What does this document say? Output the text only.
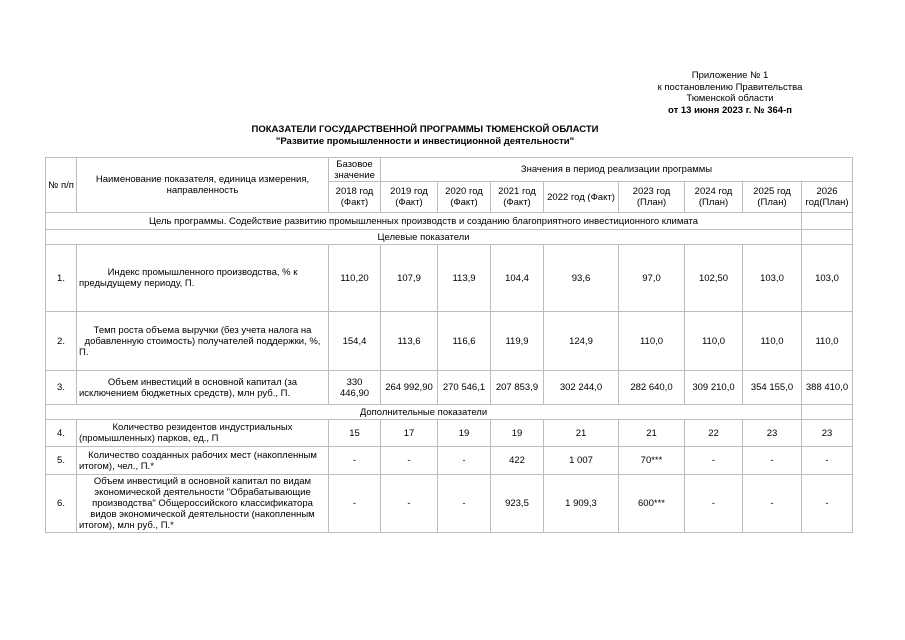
Приложение № 1
к постановлению Правительства
Тюменской области
от 13 июня 2023 г. № 364-п
ПОКАЗАТЕЛИ ГОСУДАРСТВЕННОЙ ПРОГРАММЫ ТЮМЕНСКОЙ ОБЛАСТИ
"Развитие промышленности и инвестиционной деятельности"
№ п/п	Наименование показателя, единица измерения, направленность	Базовое значение	Значения в период реализации программы							
		2018 год (Факт)	2019 год (Факт)	2020 год (Факт)	2021 год (Факт)	2022 год (Факт)	2023 год (План)	2024 год (План)	2025 год (План)	2026 год(План)
Цель программы. Содействие развитию промышленных производств и созданию благоприятного инвестиционного климата										
Целевые показатели										
1.	Индекс промышленного производства, % к предыдущему периоду, П.	110,20	107,9	113,9	104,4	93,6	97,0	102,50	103,0	103,0
2.	Темп роста объема выручки (без учета налога на добавленную стоимость) получателей поддержки, %, П.	154,4	113,6	116,6	119,9	124,9	110,0	110,0	110,0	110,0
3.	Объем инвестиций в основной капитал (за исключением бюджетных средств), млн руб., П.	330 446,90	264 992,90	270 546,1	207 853,9	302 244,0	282 640,0	309 210,0	354 155,0	388 410,0
Дополнительные показатели										
4.	Количество резидентов индустриальных (промышленных) парков, ед., П	15	17	19	19	21	21	22	23	23
5.	Количество созданных рабочих мест (накопленным итогом), чел., П.*	-	-	-	422	1 007	70***	-	-	-
6.	Объем инвестиций в основной капитал по видам экономической деятельности "Обрабатывающие производства" Общероссийского классификатора видов экономической деятельности (накопленным итогом), млн руб., П.*	-	-	-	923,5	1 909,3	600***	-	-	-
